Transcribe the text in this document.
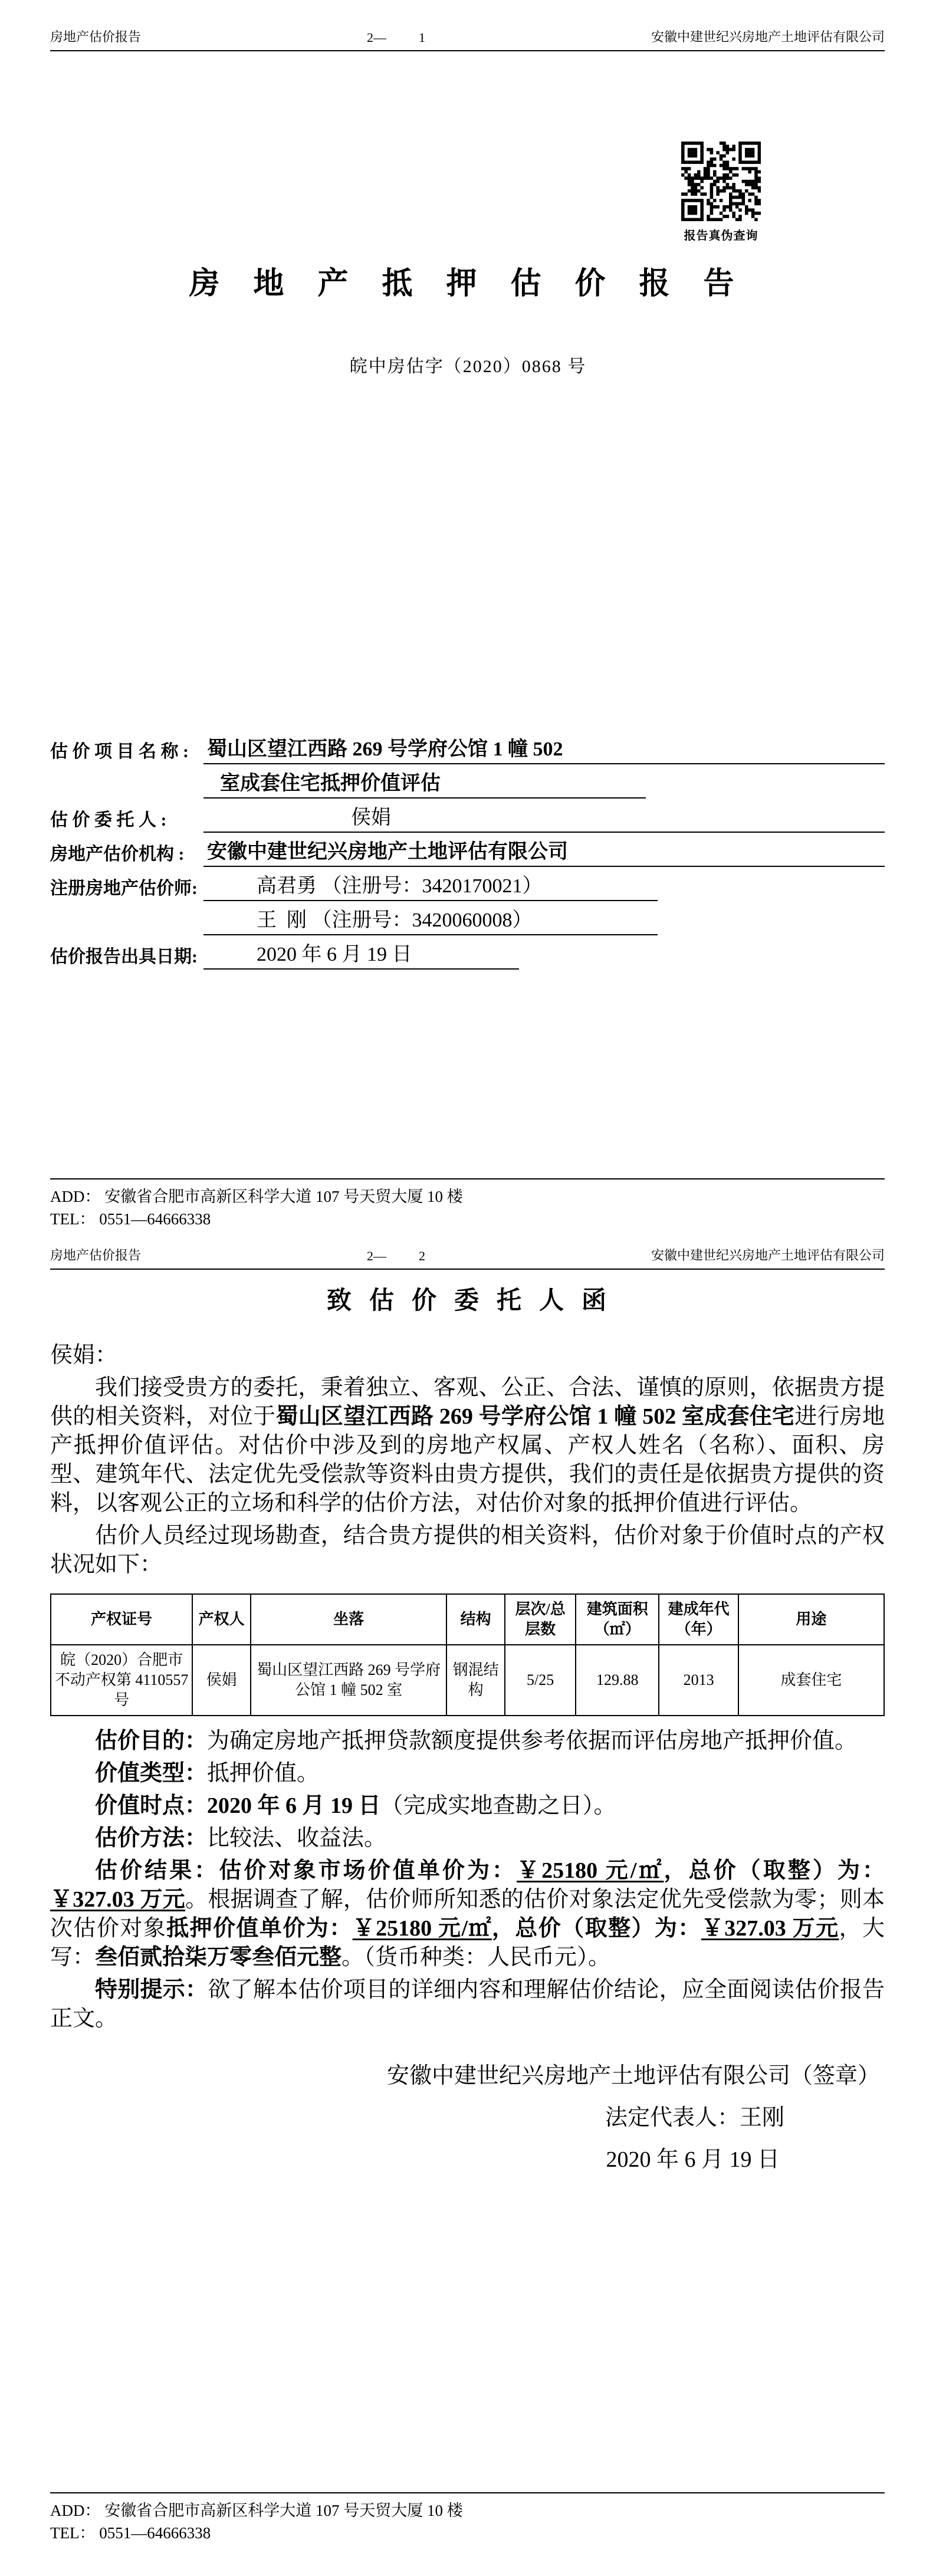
房地产估价报告	2—	1	安徽中建世纪兴房地产土地评估有限公司
报告真伪查询
房 地 产 抵 押 估 价 报 告
皖中房估字（2020）0868 号
估 价 项 目 名 称 : 蜀山区望江西路 269 号学府公馆 1 幢 502
室成套住宅抵押价值评估
估 价 委 托 人 :	侯娟
房地产估价机构 :	安徽中建世纪兴房地产土地评估有限公司
注册房地产估价师:	高君勇 （注册号：3420170021）
王  刚 （注册号：3420060008）
估价报告出具日期:	2020 年 6 月 19 日
ADD： 安徽省合肥市高新区科学大道 107 号天贸大厦 10 楼
TEL： 0551—64666338
房地产估价报告	2—	2	安徽中建世纪兴房地产土地评估有限公司
致  估  价  委  托  人  函
侯娟：

我们接受贵方的委托，秉着独立、客观、公正、合法、谨慎的原则，依据贵方提供的相关资料，对位于蜀山区望江西路 269 号学府公馆 1 幢 502 室成套住宅进行房地产抵押价值评估。对估价中涉及到的房地产权属、产权人姓名（名称）、面积、房型、建筑年代、法定优先受偿款等资料由贵方提供，我们的责任是依据贵方提供的资料，以客观公正的立场和科学的估价方法，对估价对象的抵押价值进行评估。

估价人员经过现场勘查，结合贵方提供的相关资料，估价对象于价值时点的产权状况如下：

产权证号	产权人	坐落	结构	层次/总层数	建筑面积（㎡）	建成年代（年）	用途
皖（2020）合肥市不动产权第 4110557 号	侯娟	蜀山区望江西路 269 号学府公馆 1 幢 502 室	钢混结构	5/25	129.88	2013	成套住宅

估价目的：为确定房地产抵押贷款额度提供参考依据而评估房地产抵押价值。

价值类型：抵押价值。

价值时点：2020 年 6 月 19 日（完成实地查勘之日）。

估价方法：比较法、收益法。

估价结果：估价对象市场价值单价为：￥25180 元/㎡，总价（取整）为：￥327.03 万元。根据调查了解，估价师所知悉的估价对象法定优先受偿款为零；则本次估价对象抵押价值单价为：￥25180 元/㎡，总价（取整）为：￥327.03 万元，大写：叁佰贰拾柒万零叁佰元整。（货币种类：人民币元）。

特别提示：欲了解本估价项目的详细内容和理解估价结论，应全面阅读估价报告正文。

安徽中建世纪兴房地产土地评估有限公司（签章）
法定代表人：王刚
2020 年 6 月 19 日
ADD： 安徽省合肥市高新区科学大道 107 号天贸大厦 10 楼
TEL： 0551—64666338
